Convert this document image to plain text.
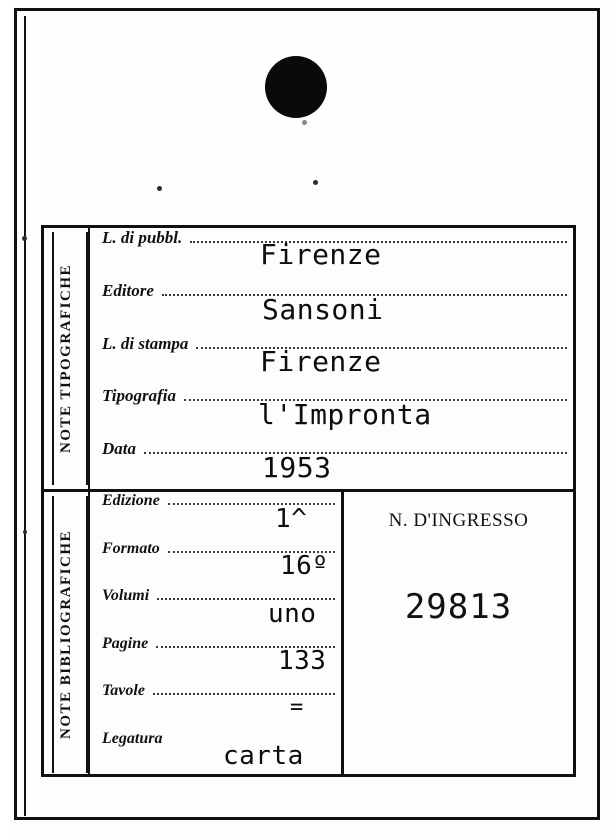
NOTE TIPOGRAFICHE
L. di pubbl.
Firenze
Editore
Sansoni
L. di stampa
Firenze
Tipografia
l'Impronta
Data
1953
NOTE BIBLIOGRAFICHE
Edizione
1^
Formato
16º
Volumi
uno
Pagine
133
Tavole
=
Legatura
carta
N. D'INGRESSO
29813
